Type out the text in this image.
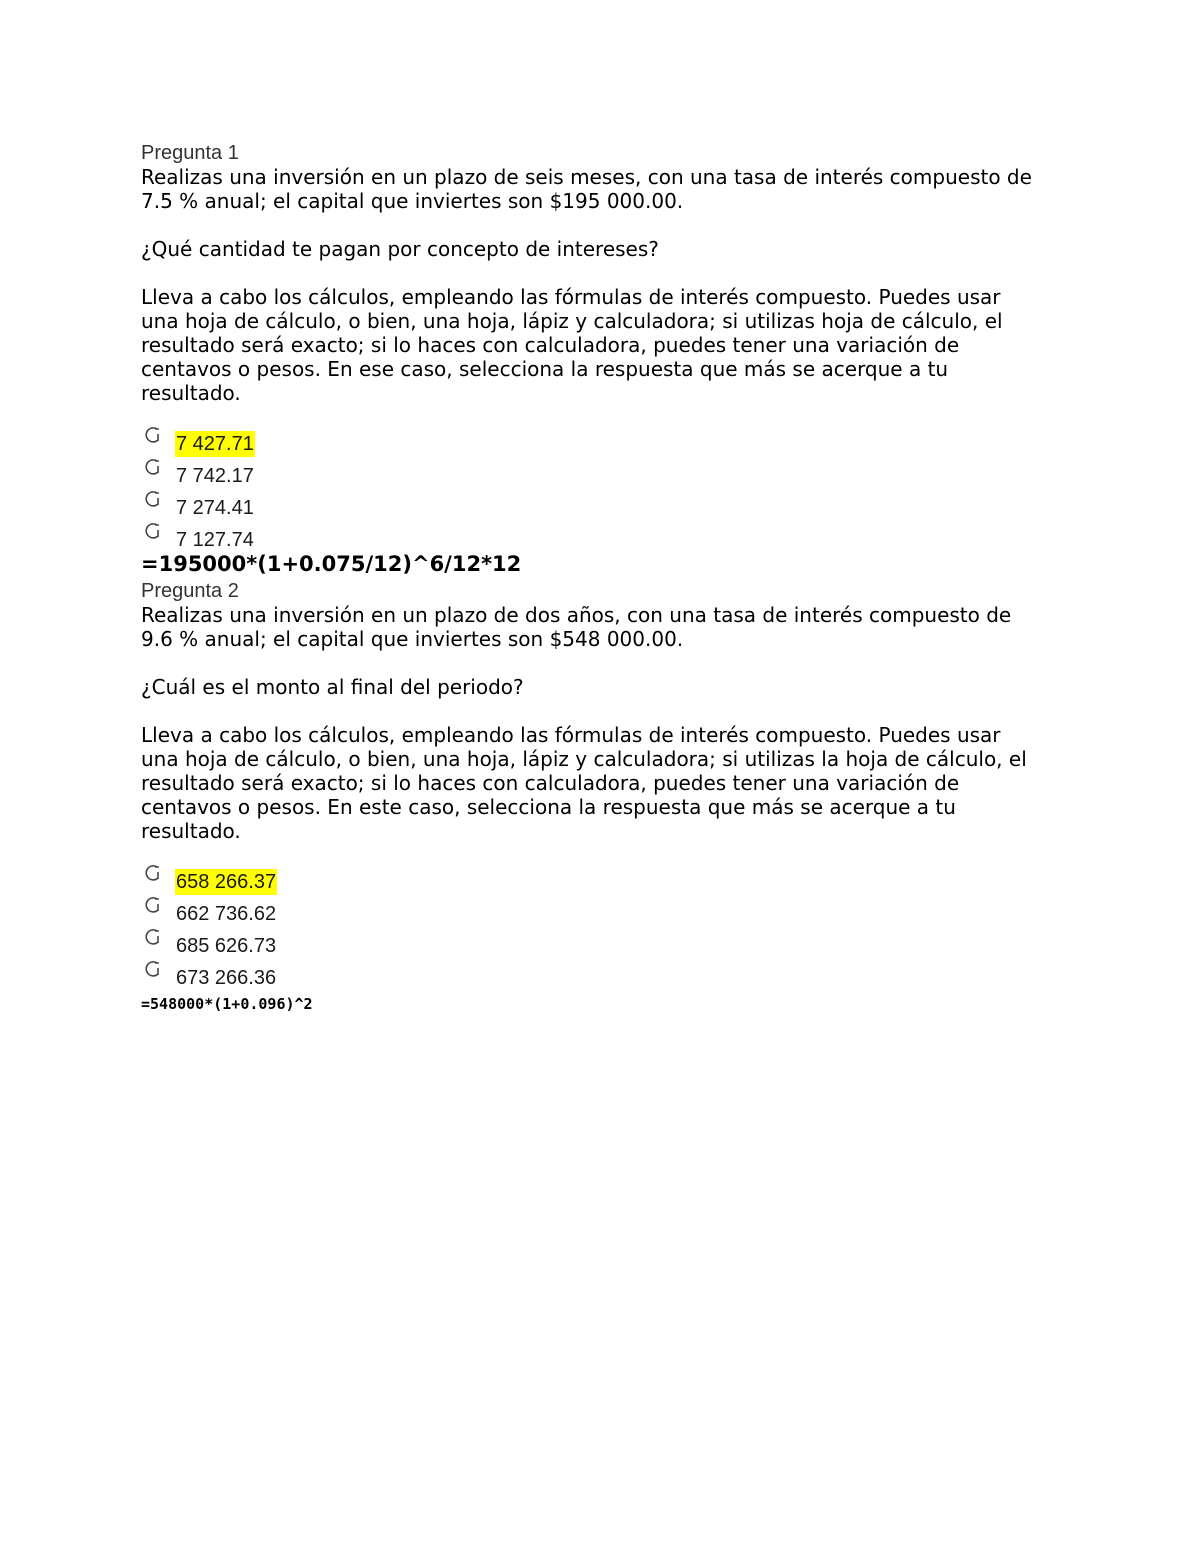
Pregunta 1

Realizas una inversión en un plazo de seis meses, con una tasa de interés compuesto de

7.5 % anual; el capital que inviertes son $195 000.00.

¿Qué cantidad te pagan por concepto de intereses?

Lleva a cabo los cálculos, empleando las fórmulas de interés compuesto. Puedes usar

una hoja de cálculo, o bien, una hoja, lápiz y calculadora; si utilizas hoja de cálculo, el

resultado será exacto; si lo haces con calculadora, puedes tener una variación de

centavos o pesos. En ese caso, selecciona la respuesta que más se acerque a tu

resultado.

7 427.71
7 742.17
7 274.41
7 127.74

=195000*(1+0.075/12)^6/12*12

Pregunta 2

Realizas una inversión en un plazo de dos años, con una tasa de interés compuesto de

9.6 % anual; el capital que inviertes son $548 000.00.

¿Cuál es el monto al final del periodo?

Lleva a cabo los cálculos, empleando las fórmulas de interés compuesto. Puedes usar

una hoja de cálculo, o bien, una hoja, lápiz y calculadora; si utilizas la hoja de cálculo, el

resultado será exacto; si lo haces con calculadora, puedes tener una variación de

centavos o pesos. En este caso, selecciona la respuesta que más se acerque a tu

resultado.

658 266.37
662 736.62
685 626.73
673 266.36

=548000*(1+0.096)^2
